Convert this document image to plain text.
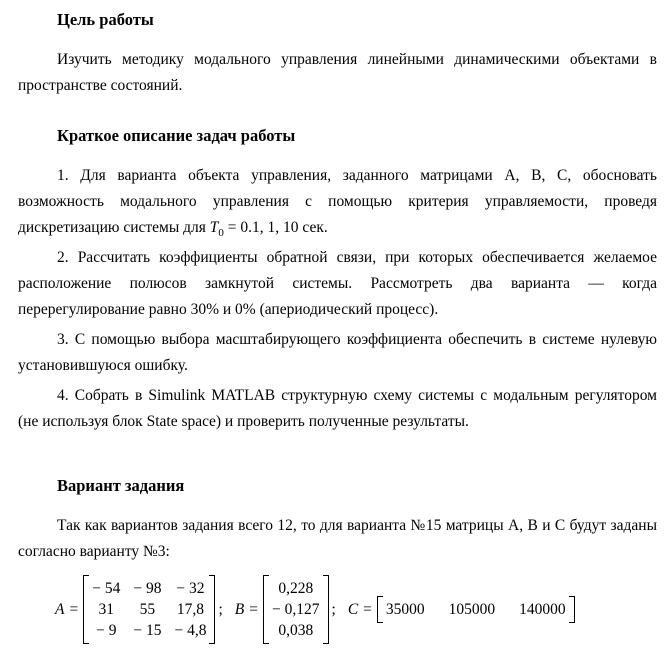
Цель работы

Изучить методику модального управления линейными динамическими объектами в пространстве состояний.

Краткое описание задач работы

1. Для варианта объекта управления, заданного матрицами А, В, С, обосновать возможность модального управления с помощью критерия управляемости, проведя дискретизацию системы для $T_0 = 0.1$, 1, 10 сек.

2. Рассчитать коэффициенты обратной связи, при которых обеспечивается желаемое расположение полюсов замкнутой системы. Рассмотреть два варианта — когда перерегулирование равно 30% и 0% (апериодический процесс).

3. С помощью выбора масштабирующего коэффициента обеспечить в системе нулевую установившуюся ошибку.

4. Собрать в Simulink MATLAB структурную схему системы с модальным регулятором (не используя блок State space) и проверить полученные результаты.

Вариант задания

Так как вариантов задания всего 12, то для варианта №15 матрицы А, В и С будут заданы согласно варианту №3:

A =
− 54 − 98 − 32
31 55 17,8
− 9 − 15 − 4,8
; B =
0,228
− 0,127
0,038
; C = 35000 105000 140000
